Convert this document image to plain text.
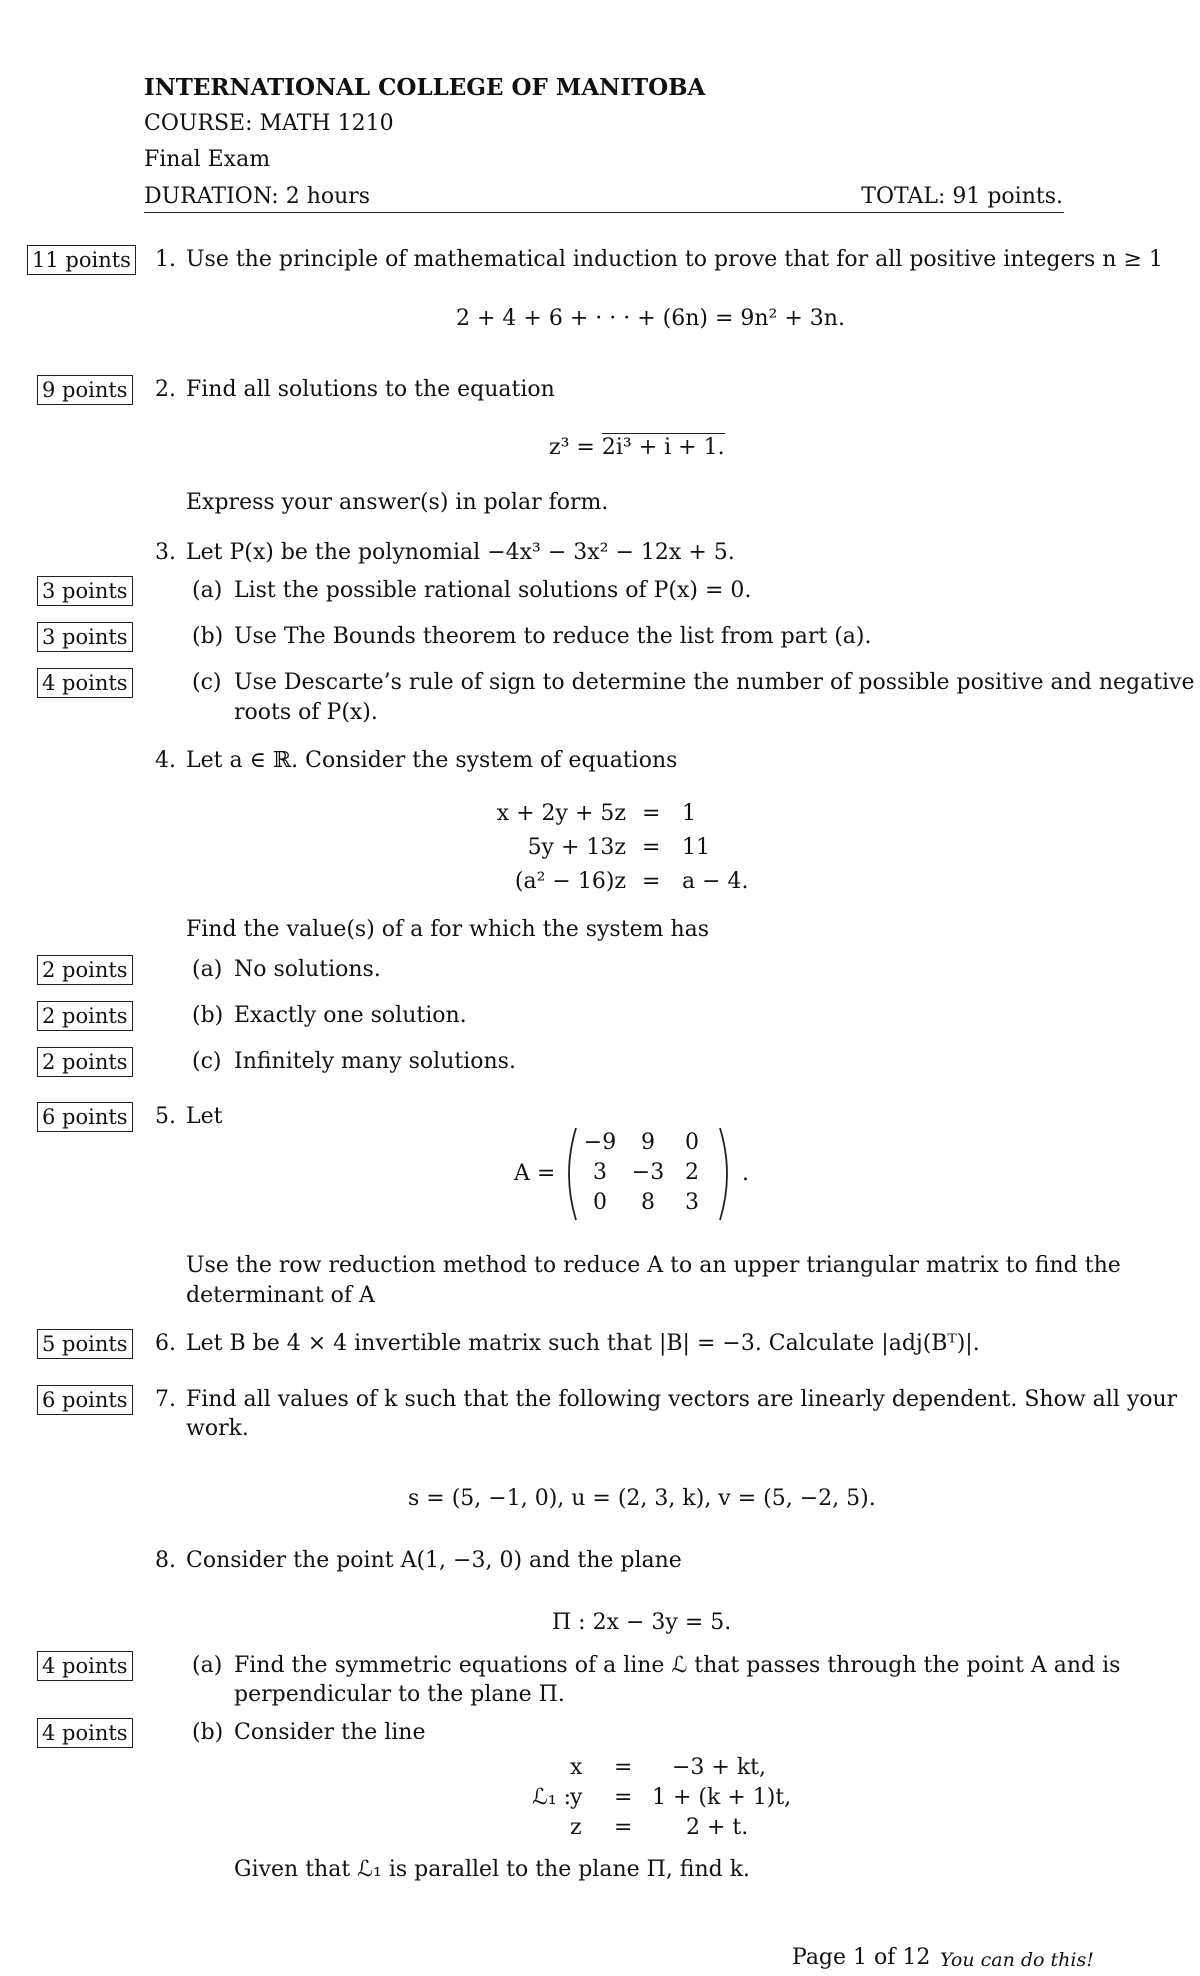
INTERNATIONAL COLLEGE OF MANITOBA
COURSE: MATH 1210
Final Exam
DURATION: 2 hours	TOTAL: 91 points.
11 points 1. Use the principle of mathematical induction to prove that for all positive integers n ≥ 1
2 + 4 + 6 + · · · + (6n) = 9n² + 3n.
9 points 2. Find all solutions to the equation
z³ = 2i³ + i + 1.
Express your answer(s) in polar form.
3. Let P(x) be the polynomial −4x³ − 3x² − 12x + 5.
3 points	(a) List the possible rational solutions of P(x) = 0.
3 points	(b) Use The Bounds theorem to reduce the list from part (a).
4 points	(c) Use Descarte’s rule of sign to determine the number of possible positive and negative
roots of P(x).
4. Let a ∈ ℝ. Consider the system of equations
x + 2y + 5z = 1
5y + 13z = 11
(a² − 16)z = a − 4.
Find the value(s) of a for which the system has
2 points	(a) No solutions.
2 points	(b) Exactly one solution.
2 points	(c) Infinitely many solutions.
6 points 5. Let
A =
−9	9	0
3	−3 2
0	8	3
.
Use the row reduction method to reduce A to an upper triangular matrix to find the
determinant of A
5 points 6. Let B be 4 × 4 invertible matrix such that |B| = −3. Calculate |adj(Bᵀ)|.
6 points 7. Find all values of k such that the following vectors are linearly dependent. Show all your
work.
s = (5, −1, 0), u = (2, 3, k), v = (5, −2, 5).
8. Consider the point A(1, −3, 0) and the plane
Π : 2x − 3y = 5.
4 points	(a) Find the symmetric equations of a line ℒ that passes through the point A and is
perpendicular to the plane Π.
4 points	(b) Consider the line
ℒ₁ :
x = −3 + kt,
y = 1 + (k + 1)t,
z = 2 + t.
Given that ℒ₁ is parallel to the plane Π, find k.
Page 1 of 12 You can do this!
